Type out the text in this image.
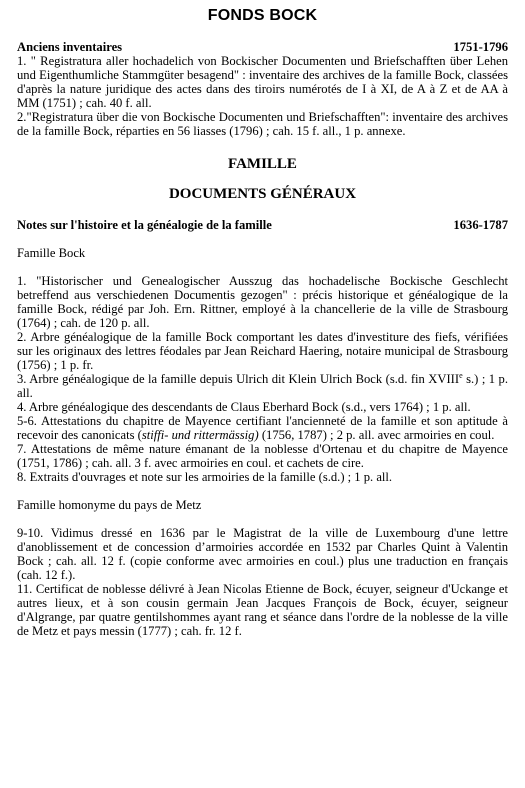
FONDS BOCK
Anciens inventaires	1751-1796

1. " Registratura aller hochadelich von Bockischer Documenten und Briefschafften über Lehen und Eigenthumliche Stammgüter besagend" : inventaire des archives de la famille Bock, classées d'après la nature juridique des actes dans des tiroirs numérotés de I à XI, de A à Z et de AA à MM (1751) ; cah. 40 f. all.

2."Registratura über die von Bockische Documenten und Briefschafften": inventaire des archives de la famille Bock, réparties en 56 liasses (1796) ; cah. 15 f. all., 1 p. annexe.

FAMILLE
DOCUMENTS GÉNÉRAUX
Notes sur l'histoire et la généalogie de la famille	1636-1787

Famille Bock

1. "Historischer und Genealogischer Ausszug das hochadelische Bockische Geschlecht betreffend aus verschiedenen Documentis gezogen" : précis historique et généalogique de la famille Bock, rédigé par Joh. Ern. Rittner, employé à la chancellerie de la ville de Strasbourg (1764) ; cah. de 120 p. all.

2. Arbre généalogique de la famille Bock comportant les dates d'investiture des fiefs, vérifiées sur les originaux des lettres féodales par Jean Reichard Haering, notaire municipal de Strasbourg (1756) ; 1 p. fr.

3. Arbre généalogique de la famille depuis Ulrich dit Klein Ulrich Bock (s.d. fin XVIIIe s.) ; 1 p. all.

4. Arbre généalogique des descendants de Claus Eberhard Bock (s.d., vers 1764) ; 1 p. all.

5-6. Attestations du chapitre de Mayence certifiant l'ancienneté de la famille et son aptitude à recevoir des canonicats (stiffi- und rittermässig) (1756, 1787) ; 2 p. all. avec armoiries en coul.

7. Attestations de même nature émanant de la noblesse d'Ortenau et du chapitre de Mayence (1751, 1786) ; cah. all. 3 f. avec armoiries en coul. et cachets de cire.

8. Extraits d'ouvrages et note sur les armoiries de la famille (s.d.) ; 1 p. all.

Famille homonyme du pays de Metz

9-10. Vidimus dressé en 1636 par le Magistrat de la ville de Luxembourg d'une lettre d'anoblissement et de concession d’armoiries accordée en 1532 par Charles Quint à Valentin Bock ; cah. all. 12 f. (copie conforme avec armoiries en coul.) plus une traduction en français (cah. 12 f.).

11. Certificat de noblesse délivré à Jean Nicolas Etienne de Bock, écuyer, seigneur d'Uckange et autres lieux, et à son cousin germain Jean Jacques François de Bock, écuyer, seigneur d'Algrange, par quatre gentilshommes ayant rang et séance dans l'ordre de la noblesse de la ville de Metz et pays messin (1777) ; cah. fr. 12 f.
